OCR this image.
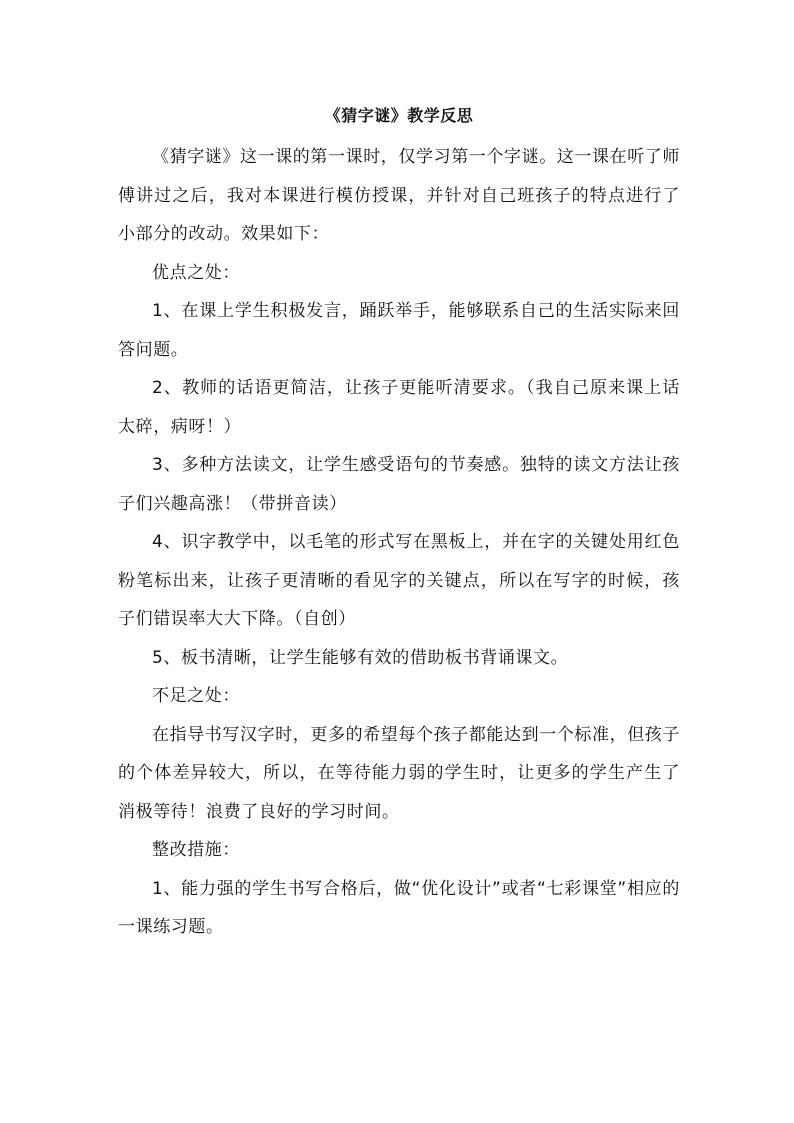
《猜字谜》教学反思

《猜字谜》这一课的第一课时，仅学习第一个字谜。这一课在听了师傅讲过之后，我对本课进行模仿授课，并针对自己班孩子的特点进行了小部分的改动。效果如下：

优点之处：

1、在课上学生积极发言，踊跃举手，能够联系自己的生活实际来回答问题。

2、教师的话语更简洁，让孩子更能听清要求。（我自己原来课上话太碎，病呀！）

3、多种方法读文，让学生感受语句的节奏感。独特的读文方法让孩子们兴趣高涨！（带拼音读）

4、识字教学中，以毛笔的形式写在黑板上，并在字的关键处用红色粉笔标出来，让孩子更清晰的看见字的关键点，所以在写字的时候，孩子们错误率大大下降。（自创）

5、板书清晰，让学生能够有效的借助板书背诵课文。

不足之处：

在指导书写汉字时，更多的希望每个孩子都能达到一个标准，但孩子的个体差异较大，所以，在等待能力弱的学生时，让更多的学生产生了消极等待！浪费了良好的学习时间。

整改措施：

1、能力强的学生书写合格后，做“优化设计”或者“七彩课堂”相应的一课练习题。
